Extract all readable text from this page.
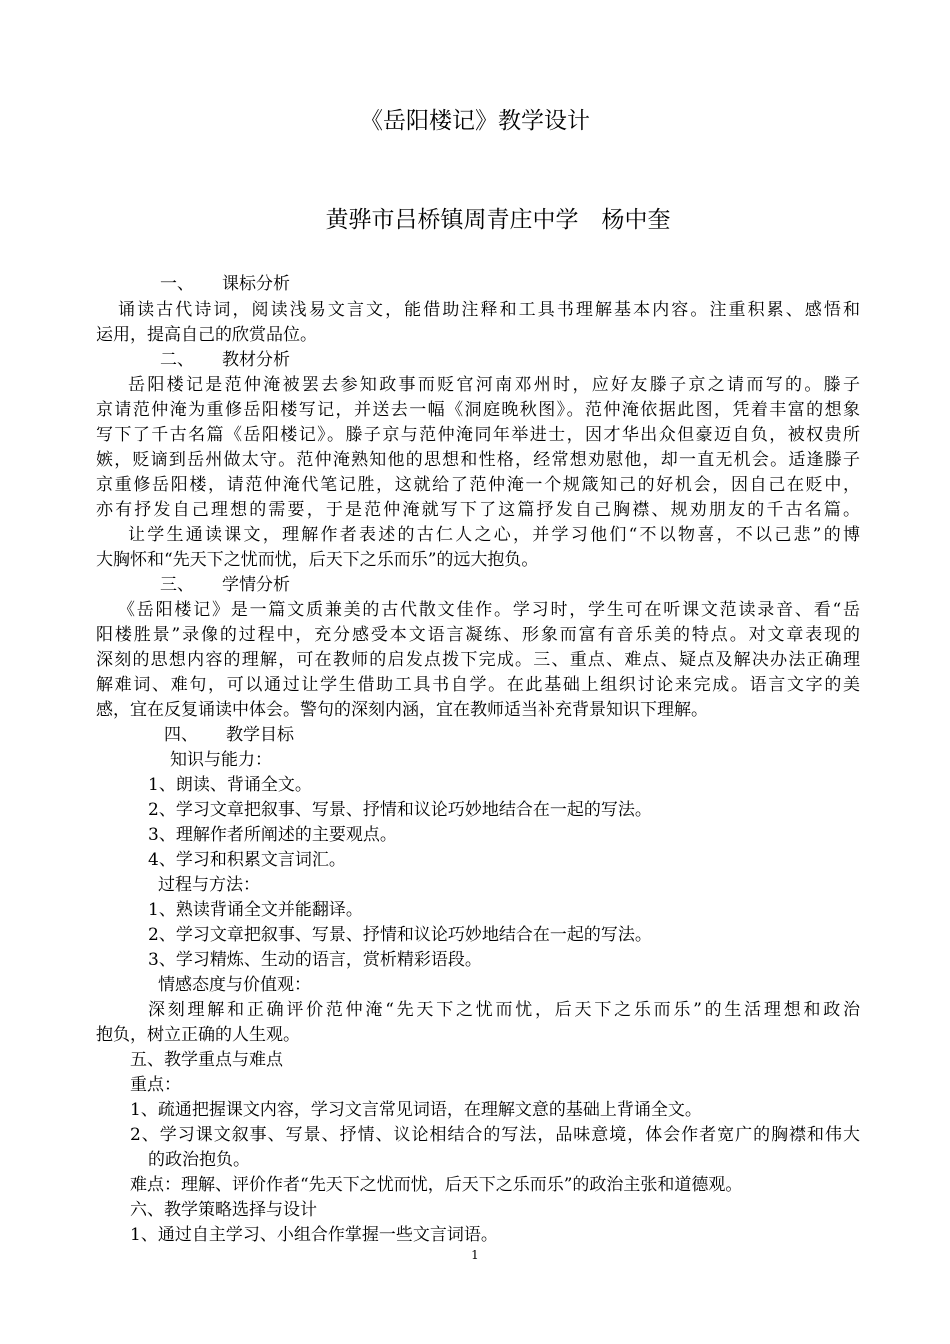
《岳阳楼记》教学设计

黄骅市吕桥镇周青庄中学　杨中奎

一、 课标分析

诵读古代诗词，阅读浅易文言文，能借助注释和工具书理解基本内容。注重积累、感悟和

运用，提高自己的欣赏品位。

二、 教材分析

岳阳楼记是范仲淹被罢去参知政事而贬官河南邓州时，应好友滕子京之请而写的。滕子

京请范仲淹为重修岳阳楼写记，并送去一幅《洞庭晚秋图》。范仲淹依据此图，凭着丰富的想象

写下了千古名篇《岳阳楼记》。滕子京与范仲淹同年举进士，因才华出众但豪迈自负，被权贵所

嫉，贬谪到岳州做太守。范仲淹熟知他的思想和性格，经常想劝慰他，却一直无机会。适逢滕子

京重修岳阳楼，请范仲淹代笔记胜，这就给了范仲淹一个规箴知己的好机会，因自己在贬中，

亦有抒发自己理想的需要，于是范仲淹就写下了这篇抒发自己胸襟、规劝朋友的千古名篇。

让学生通读课文，理解作者表述的古仁人之心，并学习他们“不以物喜，不以己悲”的博

大胸怀和“先天下之忧而忧，后天下之乐而乐”的远大抱负。

三、 学情分析

《岳阳楼记》是一篇文质兼美的古代散文佳作。学习时，学生可在听课文范读录音、看“岳

阳楼胜景”录像的过程中，充分感受本文语言凝练、形象而富有音乐美的特点。对文章表现的

深刻的思想内容的理解，可在教师的启发点拨下完成。三、重点、难点、疑点及解决办法正确理

解难词、难句，可以通过让学生借助工具书自学。在此基础上组织讨论来完成。语言文字的美

感，宜在反复诵读中体会。警句的深刻内涵，宜在教师适当补充背景知识下理解。

四、 教学目标

知识与能力：

1、朗读、背诵全文。

2、学习文章把叙事、写景、抒情和议论巧妙地结合在一起的写法。

3、理解作者所阐述的主要观点。

4、学习和积累文言词汇。

过程与方法：

1、熟读背诵全文并能翻译。

2、学习文章把叙事、写景、抒情和议论巧妙地结合在一起的写法。

3、学习精炼、生动的语言，赏析精彩语段。

情感态度与价值观：

深刻理解和正确评价范仲淹“先天下之忧而忧，后天下之乐而乐”的生活理想和政治

抱负，树立正确的人生观。

五、教学重点与难点

重点：

1、疏通把握课文内容，学习文言常见词语，在理解文意的基础上背诵全文。

2、学习课文叙事、写景、抒情、议论相结合的写法，品味意境，体会作者宽广的胸襟和伟大

的政治抱负。

难点：理解、评价作者“先天下之忧而忧，后天下之乐而乐”的政治主张和道德观。

六、教学策略选择与设计

1、通过自主学习、小组合作掌握一些文言词语。

1
